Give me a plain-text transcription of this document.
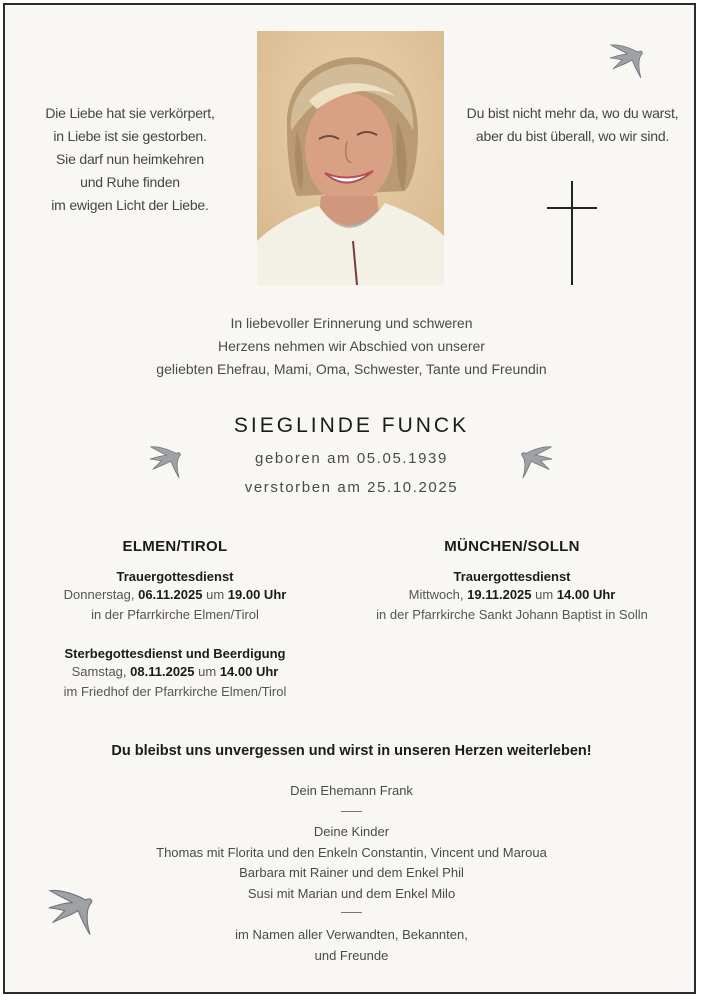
Die Liebe hat sie verkörpert,
in Liebe ist sie gestorben.
Sie darf nun heimkehren
und Ruhe finden
im ewigen Licht der Liebe.
Du bist nicht mehr da, wo du warst,
aber du bist überall, wo wir sind.
In liebevoller Erinnerung und schweren
Herzens nehmen wir Abschied von unserer
geliebten Ehefrau, Mami, Oma, Schwester, Tante und Freundin
SIEGLINDE FUNCK
geboren am 05.05.1939
verstorben am 25.10.2025
ELMEN/TIROL
Trauergottesdienst
Donnerstag, 06.11.2025 um 19.00 Uhr
in der Pfarrkirche Elmen/Tirol
Sterbegottesdienst und Beerdigung
Samstag, 08.11.2025 um 14.00 Uhr
im Friedhof der Pfarrkirche Elmen/Tirol
MÜNCHEN/SOLLN
Trauergottesdienst
Mittwoch, 19.11.2025 um 14.00 Uhr
in der Pfarrkirche Sankt Johann Baptist in Solln
Du bleibst uns unvergessen und wirst in unseren Herzen weiterleben!
Dein Ehemann Frank
Deine Kinder
Thomas mit Florita und den Enkeln Constantin, Vincent und Maroua
Barbara mit Rainer und dem Enkel Phil
Susi mit Marian und dem Enkel Milo
im Namen aller Verwandten, Bekannten,
und Freunde
